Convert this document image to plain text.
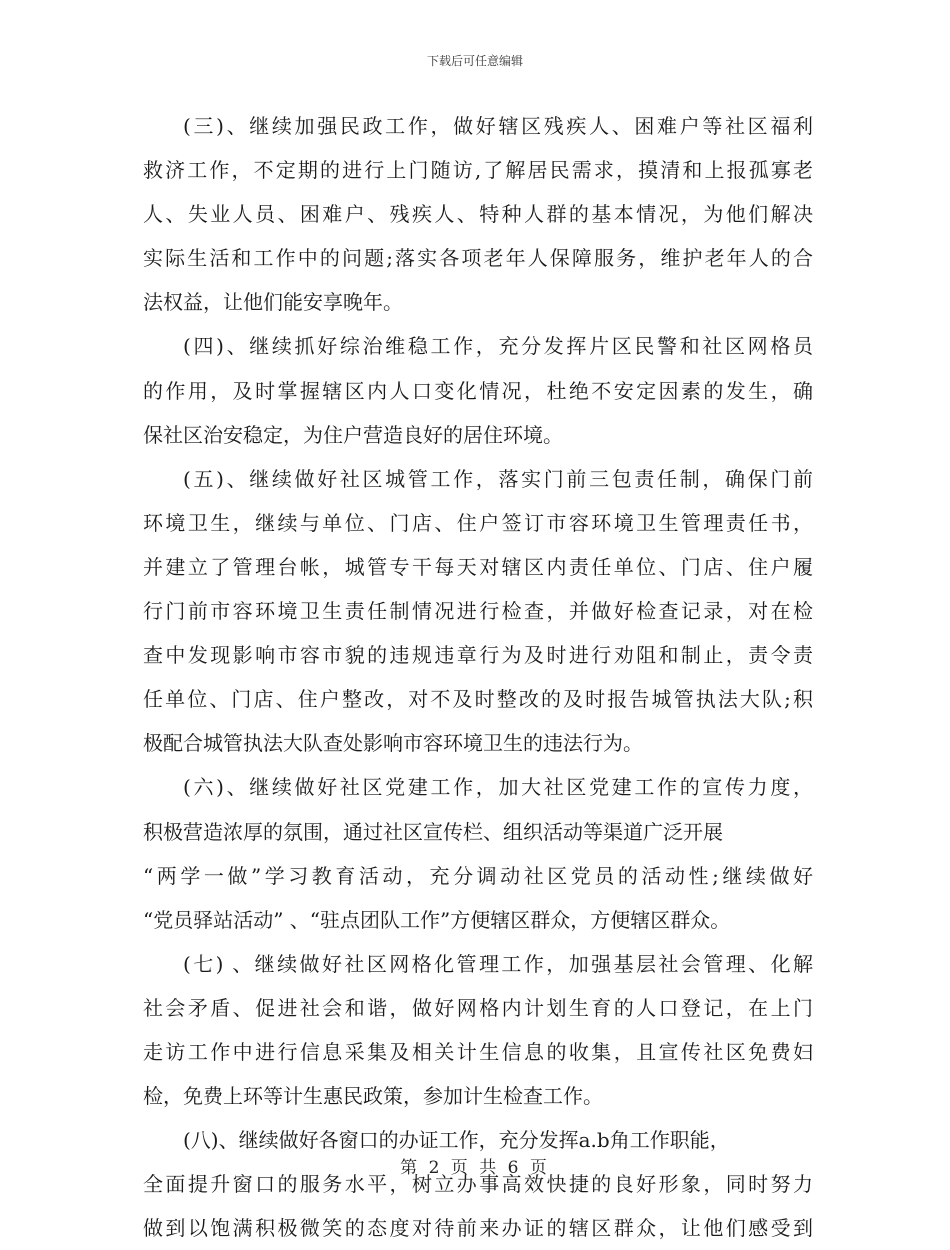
下载后可任意编辑
(三)、继续加强民政工作，做好辖区残疾人、困难户等社区福利
救济工作，不定期的进行上门随访,了解居民需求，摸清和上报孤寡老
人、失业人员、困难户、残疾人、特种人群的基本情况，为他们解决
实际生活和工作中的问题;落实各项老年人保障服务，维护老年人的合
法权益，让他们能安享晚年。
(四)、继续抓好综治维稳工作，充分发挥片区民警和社区网格员
的作用，及时掌握辖区内人口变化情况，杜绝不安定因素的发生，确
保社区治安稳定，为住户营造良好的居住环境。
(五)、继续做好社区城管工作，落实门前三包责任制，确保门前
环境卫生，继续与单位、门店、住户签订市容环境卫生管理责任书，
并建立了管理台帐，城管专干每天对辖区内责任单位、门店、住户履
行门前市容环境卫生责任制情况进行检查，并做好检查记录，对在检
查中发现影响市容市貌的违规违章行为及时进行劝阻和制止，责令责
任单位、门店、住户整改，对不及时整改的及时报告城管执法大队;积
极配合城管执法大队查处影响市容环境卫生的违法行为。
(六)、继续做好社区党建工作，加大社区党建工作的宣传力度，
积极营造浓厚的氛围，通过社区宣传栏、组织活动等渠道广泛开展
“两学一做”学习教育活动，充分调动社区党员的活动性;继续做好
“党员驿站活动” 、“驻点团队工作”方便辖区群众，方便辖区群众。
(七) 、继续做好社区网格化管理工作，加强基层社会管理、化解
社会矛盾、促进社会和谐，做好网格内计划生育的人口登记，在上门
走访工作中进行信息采集及相关计生信息的收集，且宣传社区免费妇
检，免费上环等计生惠民政策，参加计生检查工作。
(八)、继续做好各窗口的办证工作，充分发挥a.b角工作职能，
全面提升窗口的服务水平，树立办事高效快捷的良好形象，同时努力
做到以饱满积极微笑的态度对待前来办证的辖区群众，让他们感受到
第 2 页 共 6 页
